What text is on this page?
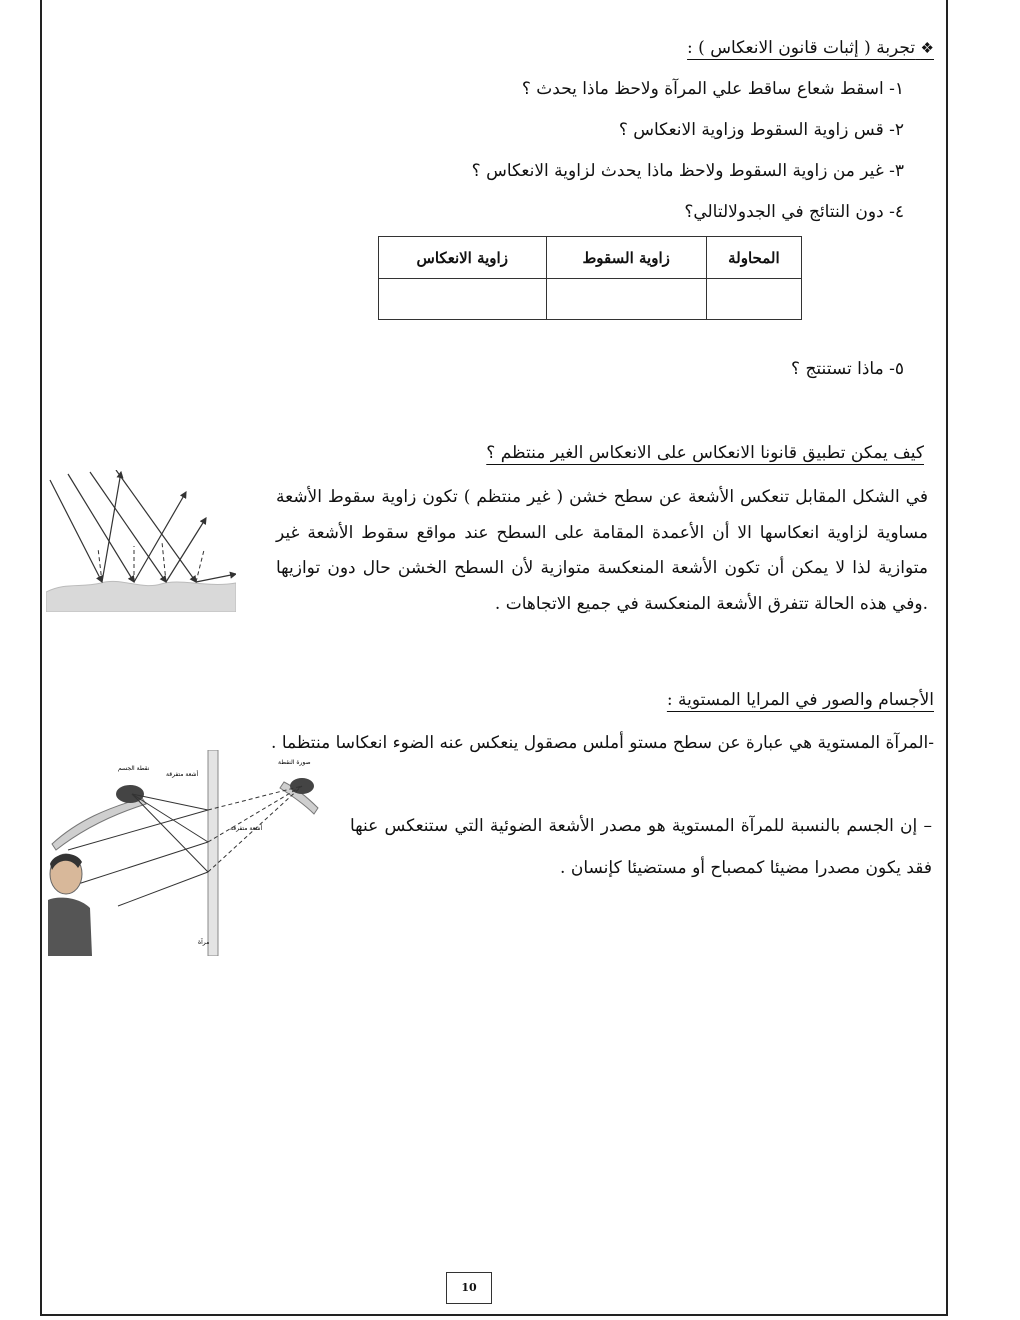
❖ تجربة ( إثبات قانون الانعكاس ) :
١- اسقط شعاع ساقط علي المرآة ولاحظ ماذا يحدث ؟
٢- قس زاوية السقوط وزاوية الانعكاس ؟
٣- غير من زاوية السقوط ولاحظ ماذا يحدث لزاوية الانعكاس ؟
٤- دون النتائج في الجدولالتالي؟
المحاولة	زاوية السقوط	زاوية الانعكاس

٥- ماذا تستنتج ؟
كيف يمكن تطبيق قانونا الانعكاس على الانعكاس الغير منتظم ؟
في الشكل المقابل تنعكس الأشعة عن سطح خشن ( غير منتظم ) تكون زاوية سقوط الأشعة مساوية لزاوية انعكاسها الا أن الأعمدة المقامة على السطح عند مواقع سقوط الأشعة غير متوازية لذا لا يمكن أن تكون الأشعة المنعكسة متوازية لأن السطح الخشن حال دون توازيها .وفي هذه الحالة تتفرق الأشعة المنعكسة في جميع الاتجاهات .
الأجسام والصور في المرايا المستوية :
-المرآة المستوية هي عبارة عن سطح مستو أملس مصقول ينعكس عنه الضوء انعكاسا منتظما .
– إن الجسم بالنسبة للمرآة المستوية هو مصدر الأشعة الضوئية التي ستنعكس عنها فقد يكون مصدرا مضيئا كمصباح أو مستضيئا كإنسان .
نقطة الجسم
صورة النقطة
أشعة متفرقة
أشعة متفرقة
مرآة
10
